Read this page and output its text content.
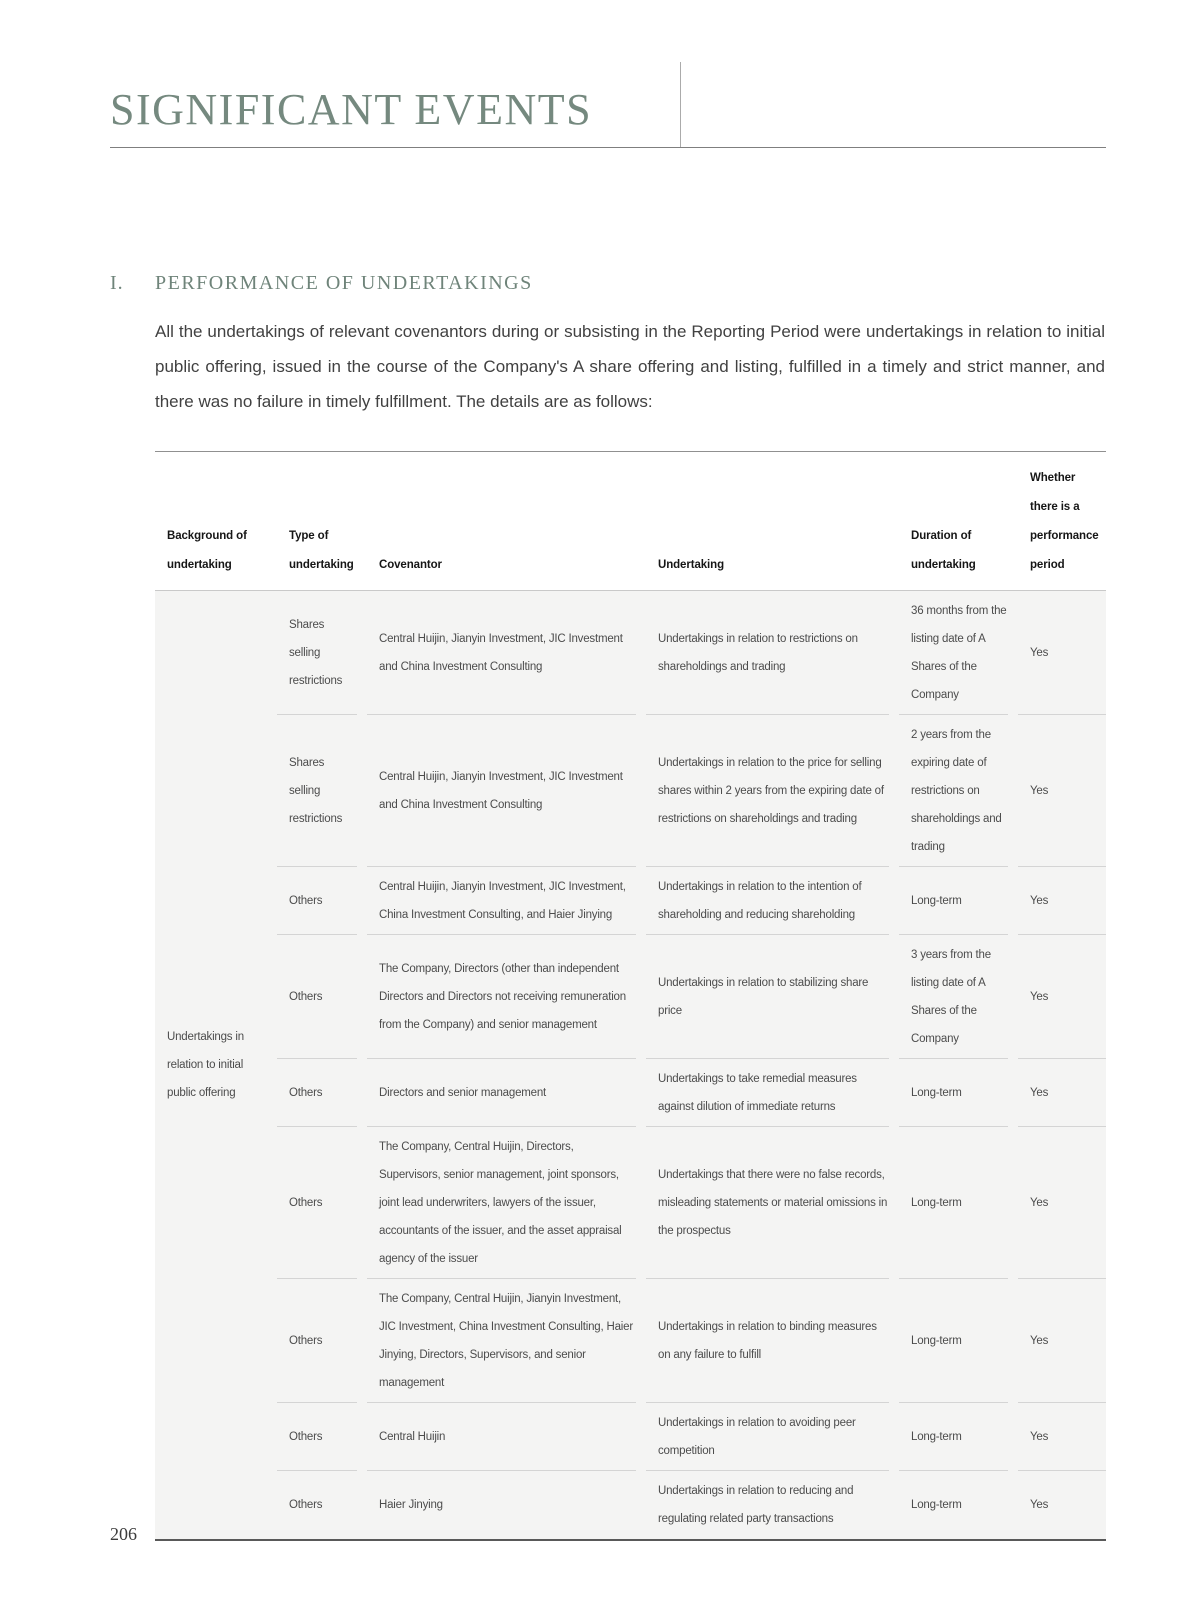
SIGNIFICANT EVENTS
I.	PERFORMANCE OF UNDERTAKINGS

All the undertakings of relevant covenantors during or subsisting in the Reporting Period were undertakings in relation to initial public offering, issued in the course of the Company's A share offering and listing, fulfilled in a timely and strict manner, and there was no failure in timely fulfillment. The details are as follows:

Background of undertaking	Type of undertaking	Covenantor	Undertaking	Duration of undertaking	Whether there is a performance period
Undertakings in relation to initial public offering	Shares selling restrictions	Central Huijin, Jianyin Investment, JIC Investment and China Investment Consulting	Undertakings in relation to restrictions on shareholdings and trading	36 months from the listing date of A Shares of the Company	Yes
	Shares selling restrictions	Central Huijin, Jianyin Investment, JIC Investment and China Investment Consulting	Undertakings in relation to the price for selling shares within 2 years from the expiring date of restrictions on shareholdings and trading	2 years from the expiring date of restrictions on shareholdings and trading	Yes
	Others	Central Huijin, Jianyin Investment, JIC Investment, China Investment Consulting, and Haier Jinying	Undertakings in relation to the intention of shareholding and reducing shareholding	Long-term	Yes
	Others	The Company, Directors (other than independent Directors and Directors not receiving remuneration from the Company) and senior management	Undertakings in relation to stabilizing share price	3 years from the listing date of A Shares of the Company	Yes
	Others	Directors and senior management	Undertakings to take remedial measures against dilution of immediate returns	Long-term	Yes
	Others	The Company, Central Huijin, Directors, Supervisors, senior management, joint sponsors, joint lead underwriters, lawyers of the issuer, accountants of the issuer, and the asset appraisal agency of the issuer	Undertakings that there were no false records, misleading statements or material omissions in the prospectus	Long-term	Yes
	Others	The Company, Central Huijin, Jianyin Investment, JIC Investment, China Investment Consulting, Haier Jinying, Directors, Supervisors, and senior management	Undertakings in relation to binding measures on any failure to fulfill	Long-term	Yes
	Others	Central Huijin	Undertakings in relation to avoiding peer competition	Long-term	Yes
	Others	Haier Jinying	Undertakings in relation to reducing and regulating related party transactions	Long-term	Yes
206
